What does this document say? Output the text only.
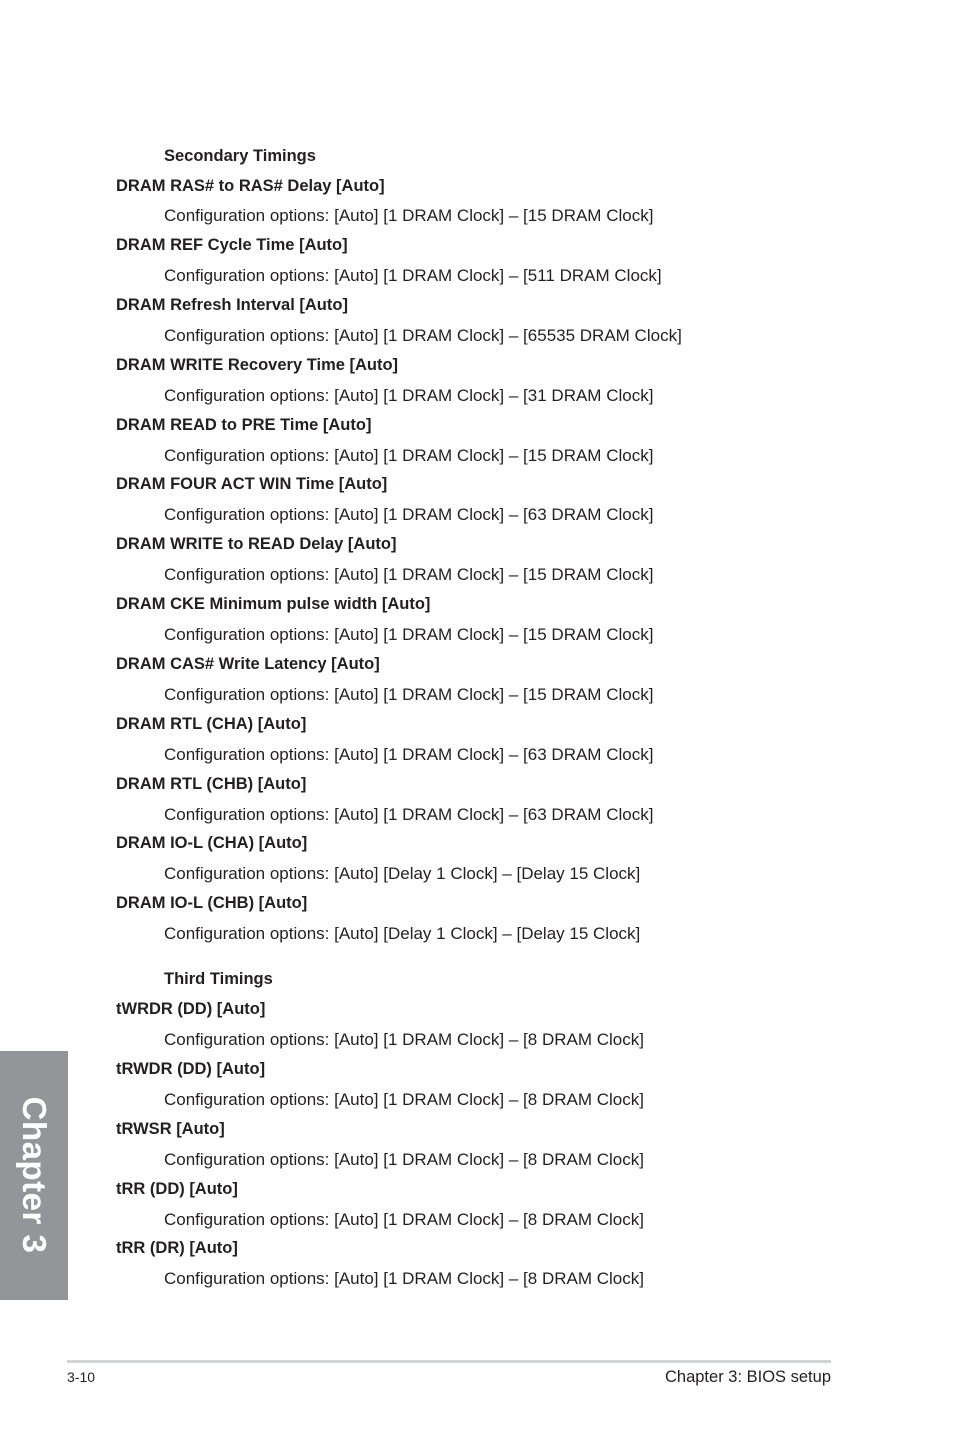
Secondary Timings
DRAM RAS# to RAS# Delay [Auto]
Configuration options: [Auto] [1 DRAM Clock] – [15 DRAM Clock]
DRAM REF Cycle Time [Auto]
Configuration options: [Auto] [1 DRAM Clock] – [511 DRAM Clock]
DRAM Refresh Interval [Auto]
Configuration options: [Auto] [1 DRAM Clock] – [65535 DRAM Clock]
DRAM WRITE Recovery Time [Auto]
Configuration options: [Auto] [1 DRAM Clock] – [31 DRAM Clock]
DRAM READ to PRE Time [Auto]
Configuration options: [Auto] [1 DRAM Clock] – [15 DRAM Clock]
DRAM FOUR ACT WIN Time [Auto]
Configuration options: [Auto] [1 DRAM Clock] – [63 DRAM Clock]
DRAM WRITE to READ Delay [Auto]
Configuration options: [Auto] [1 DRAM Clock] – [15 DRAM Clock]
DRAM CKE Minimum pulse width [Auto]
Configuration options: [Auto] [1 DRAM Clock] – [15 DRAM Clock]
DRAM CAS# Write Latency [Auto]
Configuration options: [Auto] [1 DRAM Clock] – [15 DRAM Clock]
DRAM RTL (CHA) [Auto]
Configuration options: [Auto] [1 DRAM Clock] – [63 DRAM Clock]
DRAM RTL (CHB) [Auto]
Configuration options: [Auto] [1 DRAM Clock] – [63 DRAM Clock]
DRAM IO-L (CHA) [Auto]
Configuration options: [Auto] [Delay 1 Clock] – [Delay 15 Clock]
DRAM IO-L (CHB) [Auto]
Configuration options: [Auto] [Delay 1 Clock] – [Delay 15 Clock]
Third Timings
tWRDR (DD) [Auto]
Configuration options: [Auto] [1 DRAM Clock] – [8 DRAM Clock]
tRWDR (DD) [Auto]
Configuration options: [Auto] [1 DRAM Clock] – [8 DRAM Clock]
tRWSR [Auto]
Configuration options: [Auto] [1 DRAM Clock] – [8 DRAM Clock]
tRR (DD) [Auto]
Configuration options: [Auto] [1 DRAM Clock] – [8 DRAM Clock]
tRR (DR) [Auto]
Configuration options: [Auto] [1 DRAM Clock] – [8 DRAM Clock]
Chapter 3
3-10	Chapter 3: BIOS setup
